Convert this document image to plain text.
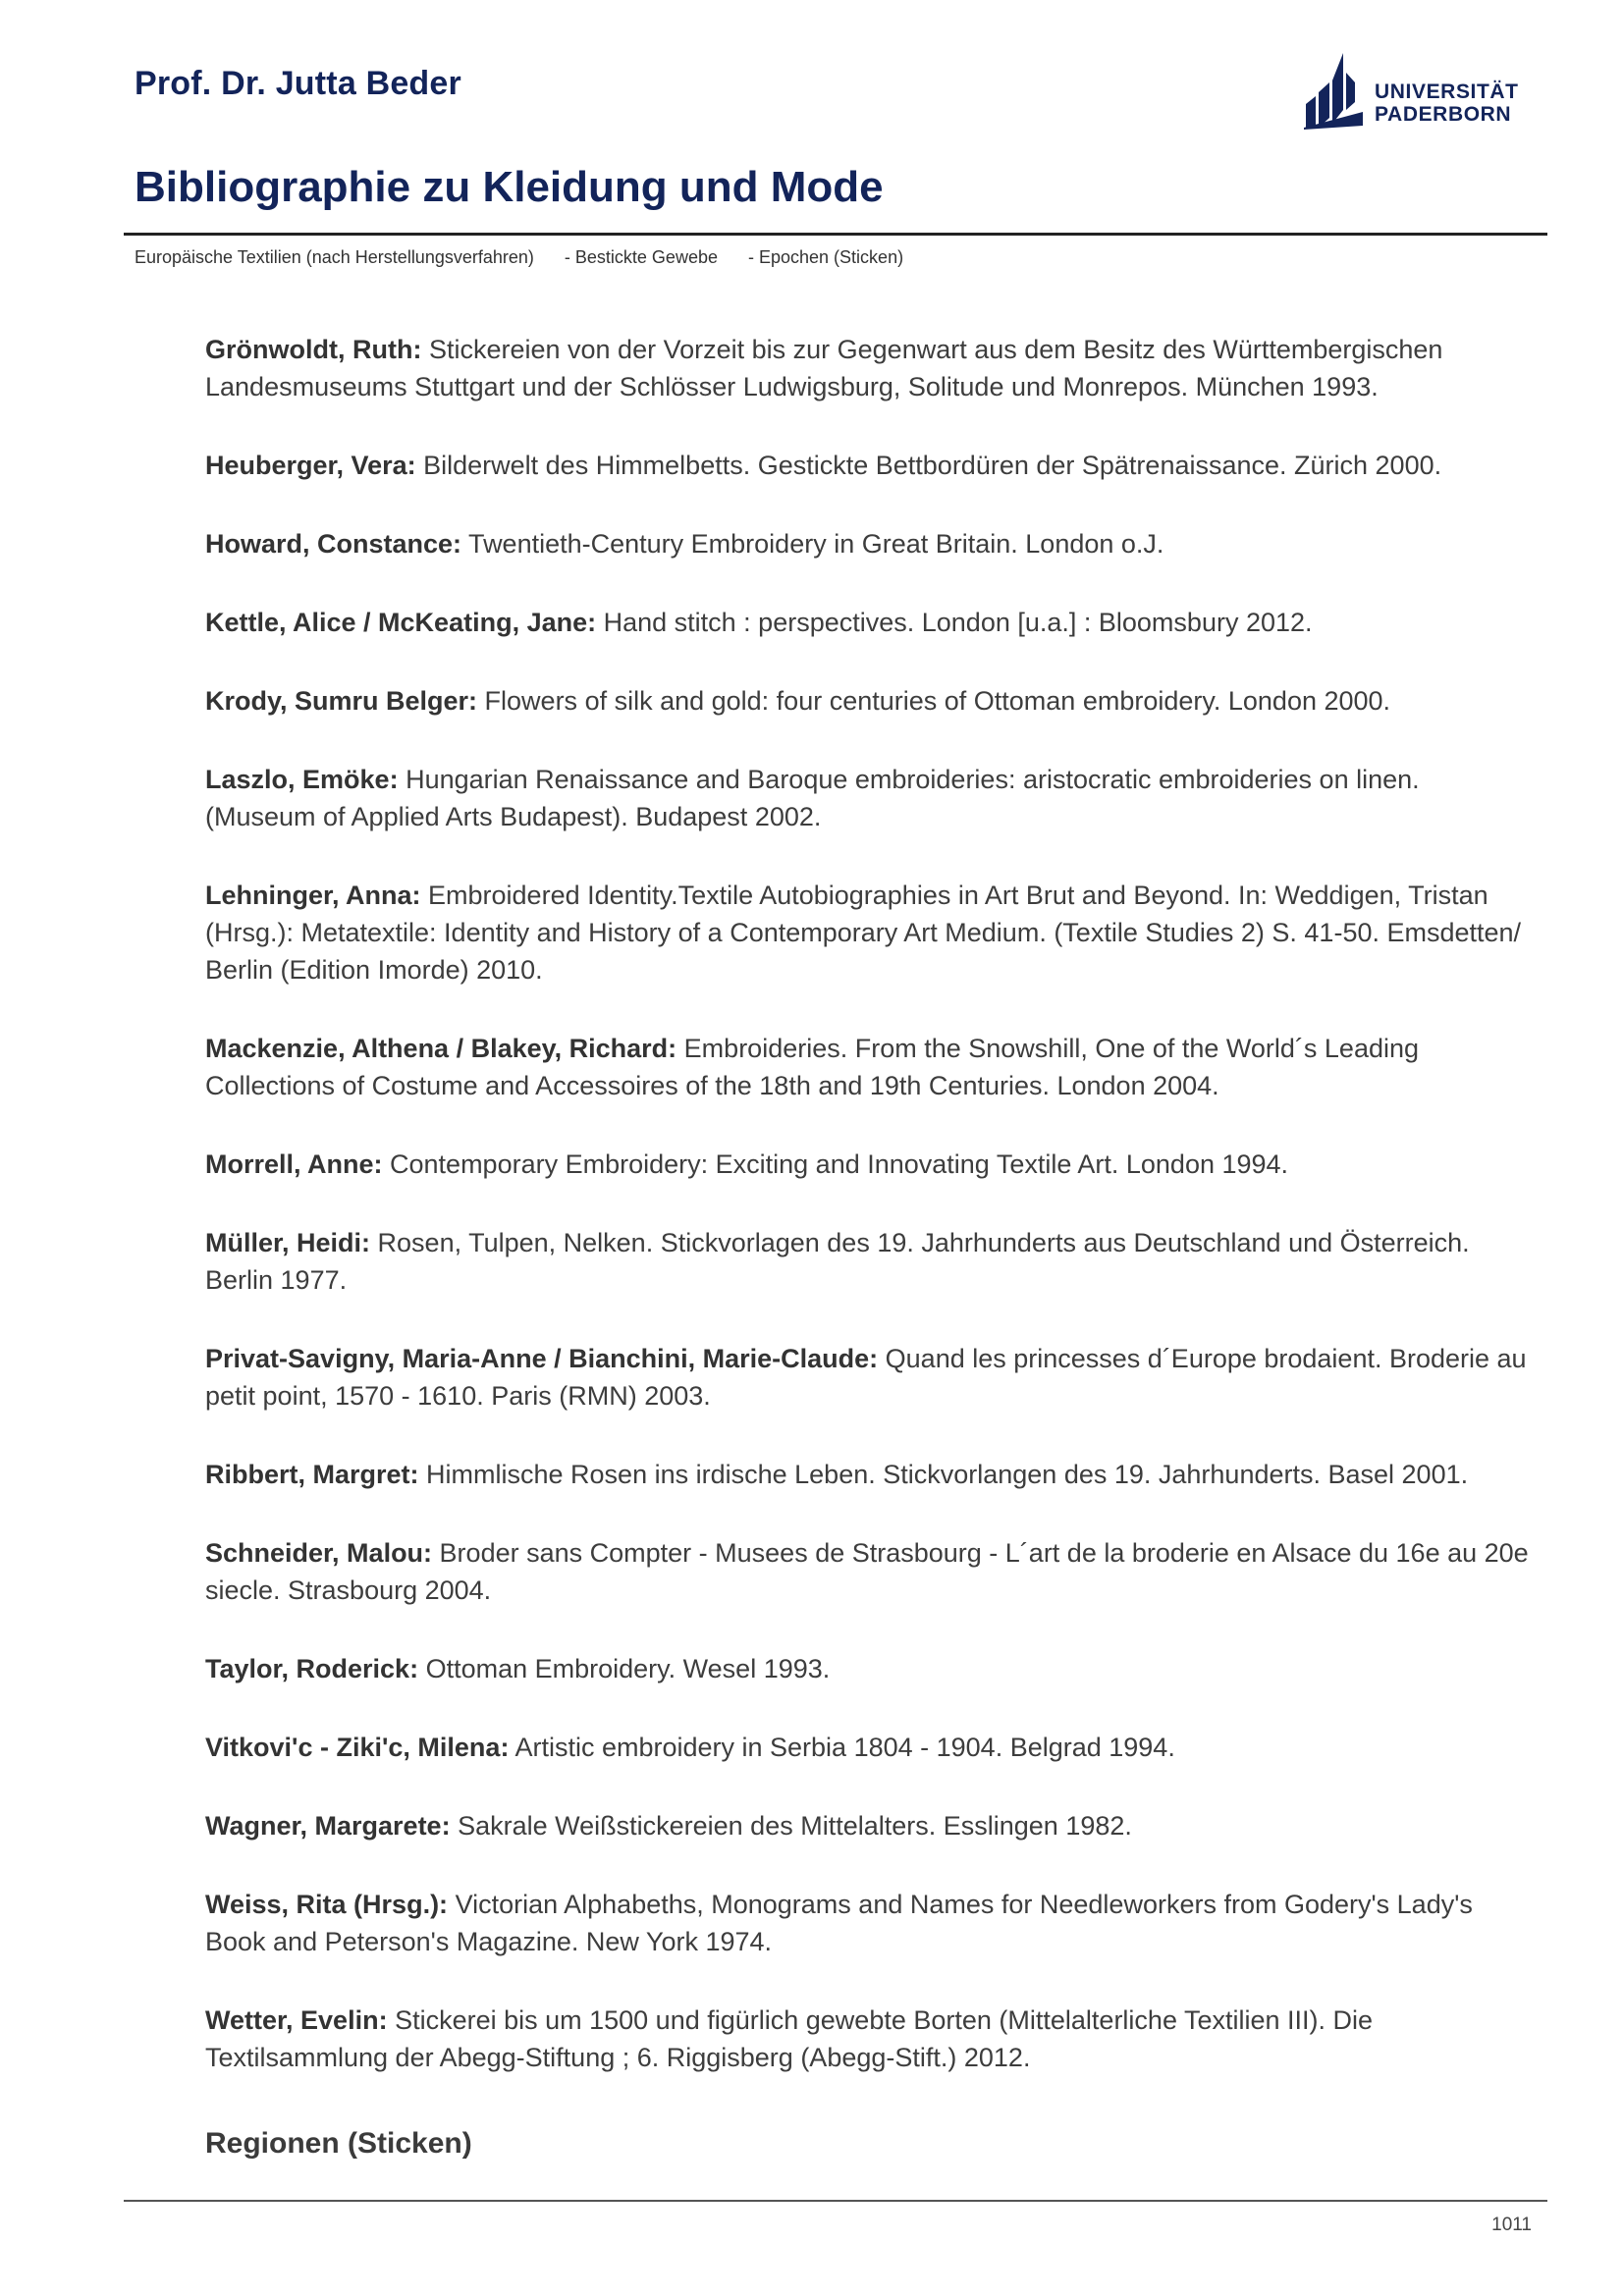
Prof. Dr. Jutta Beder	UNIVERSITÄT
PADERBORN
Bibliographie zu Kleidung und Mode
Europäische Textilien (nach Herstellungsverfahren) - Bestickte Gewebe - Epochen (Sticken)

Grönwoldt, Ruth: Stickereien von der Vorzeit bis zur Gegenwart aus dem Besitz des Württembergischen Landesmuseums Stuttgart und der Schlösser Ludwigsburg, Solitude und Monrepos. München 1993.

Heuberger, Vera: Bilderwelt des Himmelbetts. Gestickte Bettbordüren der Spätrenaissance. Zürich 2000.

Howard, Constance: Twentieth-Century Embroidery in Great Britain. London o.J.

Kettle, Alice / McKeating, Jane: Hand stitch : perspectives. London [u.a.] : Bloomsbury 2012.

Krody, Sumru Belger: Flowers of silk and gold: four centuries of Ottoman embroidery. London 2000.

Laszlo, Emöke: Hungarian Renaissance and Baroque embroideries: aristocratic embroideries on linen. (Museum of Applied Arts Budapest). Budapest 2002.

Lehninger, Anna: Embroidered Identity.Textile Autobiographies in Art Brut and Beyond. In: Weddigen, Tristan (Hrsg.): Metatextile: Identity and History of a Contemporary Art Medium. (Textile Studies 2) S. 41-50. Emsdetten/ Berlin (Edition Imorde) 2010.

Mackenzie, Althena / Blakey, Richard: Embroideries. From the Snowshill, One of the World´s Leading Collections of Costume and Accessoires of the 18th and 19th Centuries. London 2004.

Morrell, Anne: Contemporary Embroidery: Exciting and Innovating Textile Art. London 1994.

Müller, Heidi: Rosen, Tulpen, Nelken. Stickvorlagen des 19. Jahrhunderts aus Deutschland und Österreich. Berlin 1977.

Privat-Savigny, Maria-Anne / Bianchini, Marie-Claude: Quand les princesses d´Europe brodaient. Broderie au petit point, 1570 - 1610. Paris (RMN) 2003.

Ribbert, Margret: Himmlische Rosen ins irdische Leben. Stickvorlangen des 19. Jahrhunderts. Basel 2001.

Schneider, Malou: Broder sans Compter - Musees de Strasbourg - L´art de la broderie en Alsace du 16e au 20e siecle. Strasbourg 2004.

Taylor, Roderick: Ottoman Embroidery. Wesel 1993.

Vitkovi'c - Ziki'c, Milena: Artistic embroidery in Serbia 1804 - 1904. Belgrad 1994.

Wagner, Margarete: Sakrale Weißstickereien des Mittelalters. Esslingen 1982.

Weiss, Rita (Hrsg.): Victorian Alphabeths, Monograms and Names for Needleworkers from Godery's Lady's Book and Peterson's Magazine. New York 1974.

Wetter, Evelin: Stickerei bis um 1500 und figürlich gewebte Borten (Mittelalterliche Textilien III). Die Textilsammlung der Abegg-Stiftung ; 6. Riggisberg (Abegg-Stift.) 2012.

Regionen (Sticken)
1011
